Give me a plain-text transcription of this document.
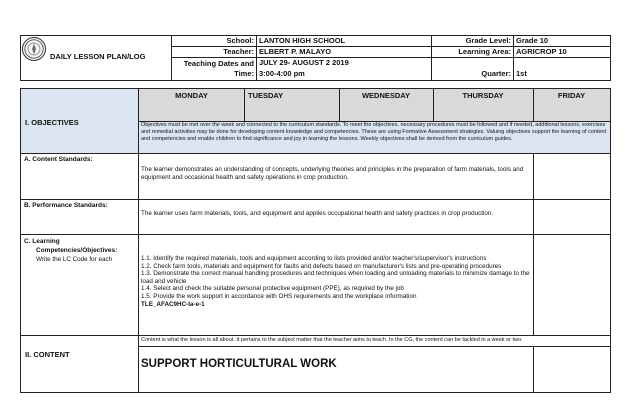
DAILY LESSON PLAN/LOG
School: LANTON HIGH SCHOOL
Teacher: ELBERT P. MALAYO
Teaching Dates and
Time:
JULY 29- AUGUST 2 2019
3:00-4:00 pm
Grade Level: Grade 10
Learning Area: AGRICROP 10
Quarter: 1st
I. OBJECTIVES
MONDAY	TUESDAY	WEDNESDAY	THURSDAY	FRIDAY
Objectives must be met over the week and connected to the curriculum standards. To meet the objectives, necessary procedures must be followed and if needed, additional lessons, exercises and remedial activities may be done for developing content knowledge and competencies. These are using Formative Assessment strategies. Valuing objectives support the learning of content and competencies and enable children to find significance and joy in learning the lessons. Weekly objectives shall be derived from the curriculum guides.
A. Content Standards:
The learner demonstrates an understanding of concepts, underlying theories and principles in the preparation of farm materials, tools and equipment and occasional health and safety operations in crop production.
B. Performance Standards:
The learner uses farm materials, tools, and equipment and applies occupational health and safety practices in crop production.
C. Learning
Competencies/Objectives:
Write the LC Code for each	1.1. Identify the required materials, tools and equipment according to lists provided and/or teacher's/supervisor's instructions
1.2. Check farm tools, materials and equipment for faults and defects based on manufacturer's lists and pre-operating procedures
1.3. Demonstrate the correct manual handling procedures and techniques when loading and unloading materials to minimize damage to the load and vehicle
1.4. Select and check the suitable personal protective equipment (PPE), as required by the job
1.5. Provide the work support in accordance with OHS requirements and the workplace information
TLE_AFAC9HC-Ia-e-1
II. CONTENT
Content is what the lesson is all about. It pertains to the subject matter that the teacher aims to teach. In the CG, the content can be tackled in a week or two.
SUPPORT HORTICULTURAL WORK
